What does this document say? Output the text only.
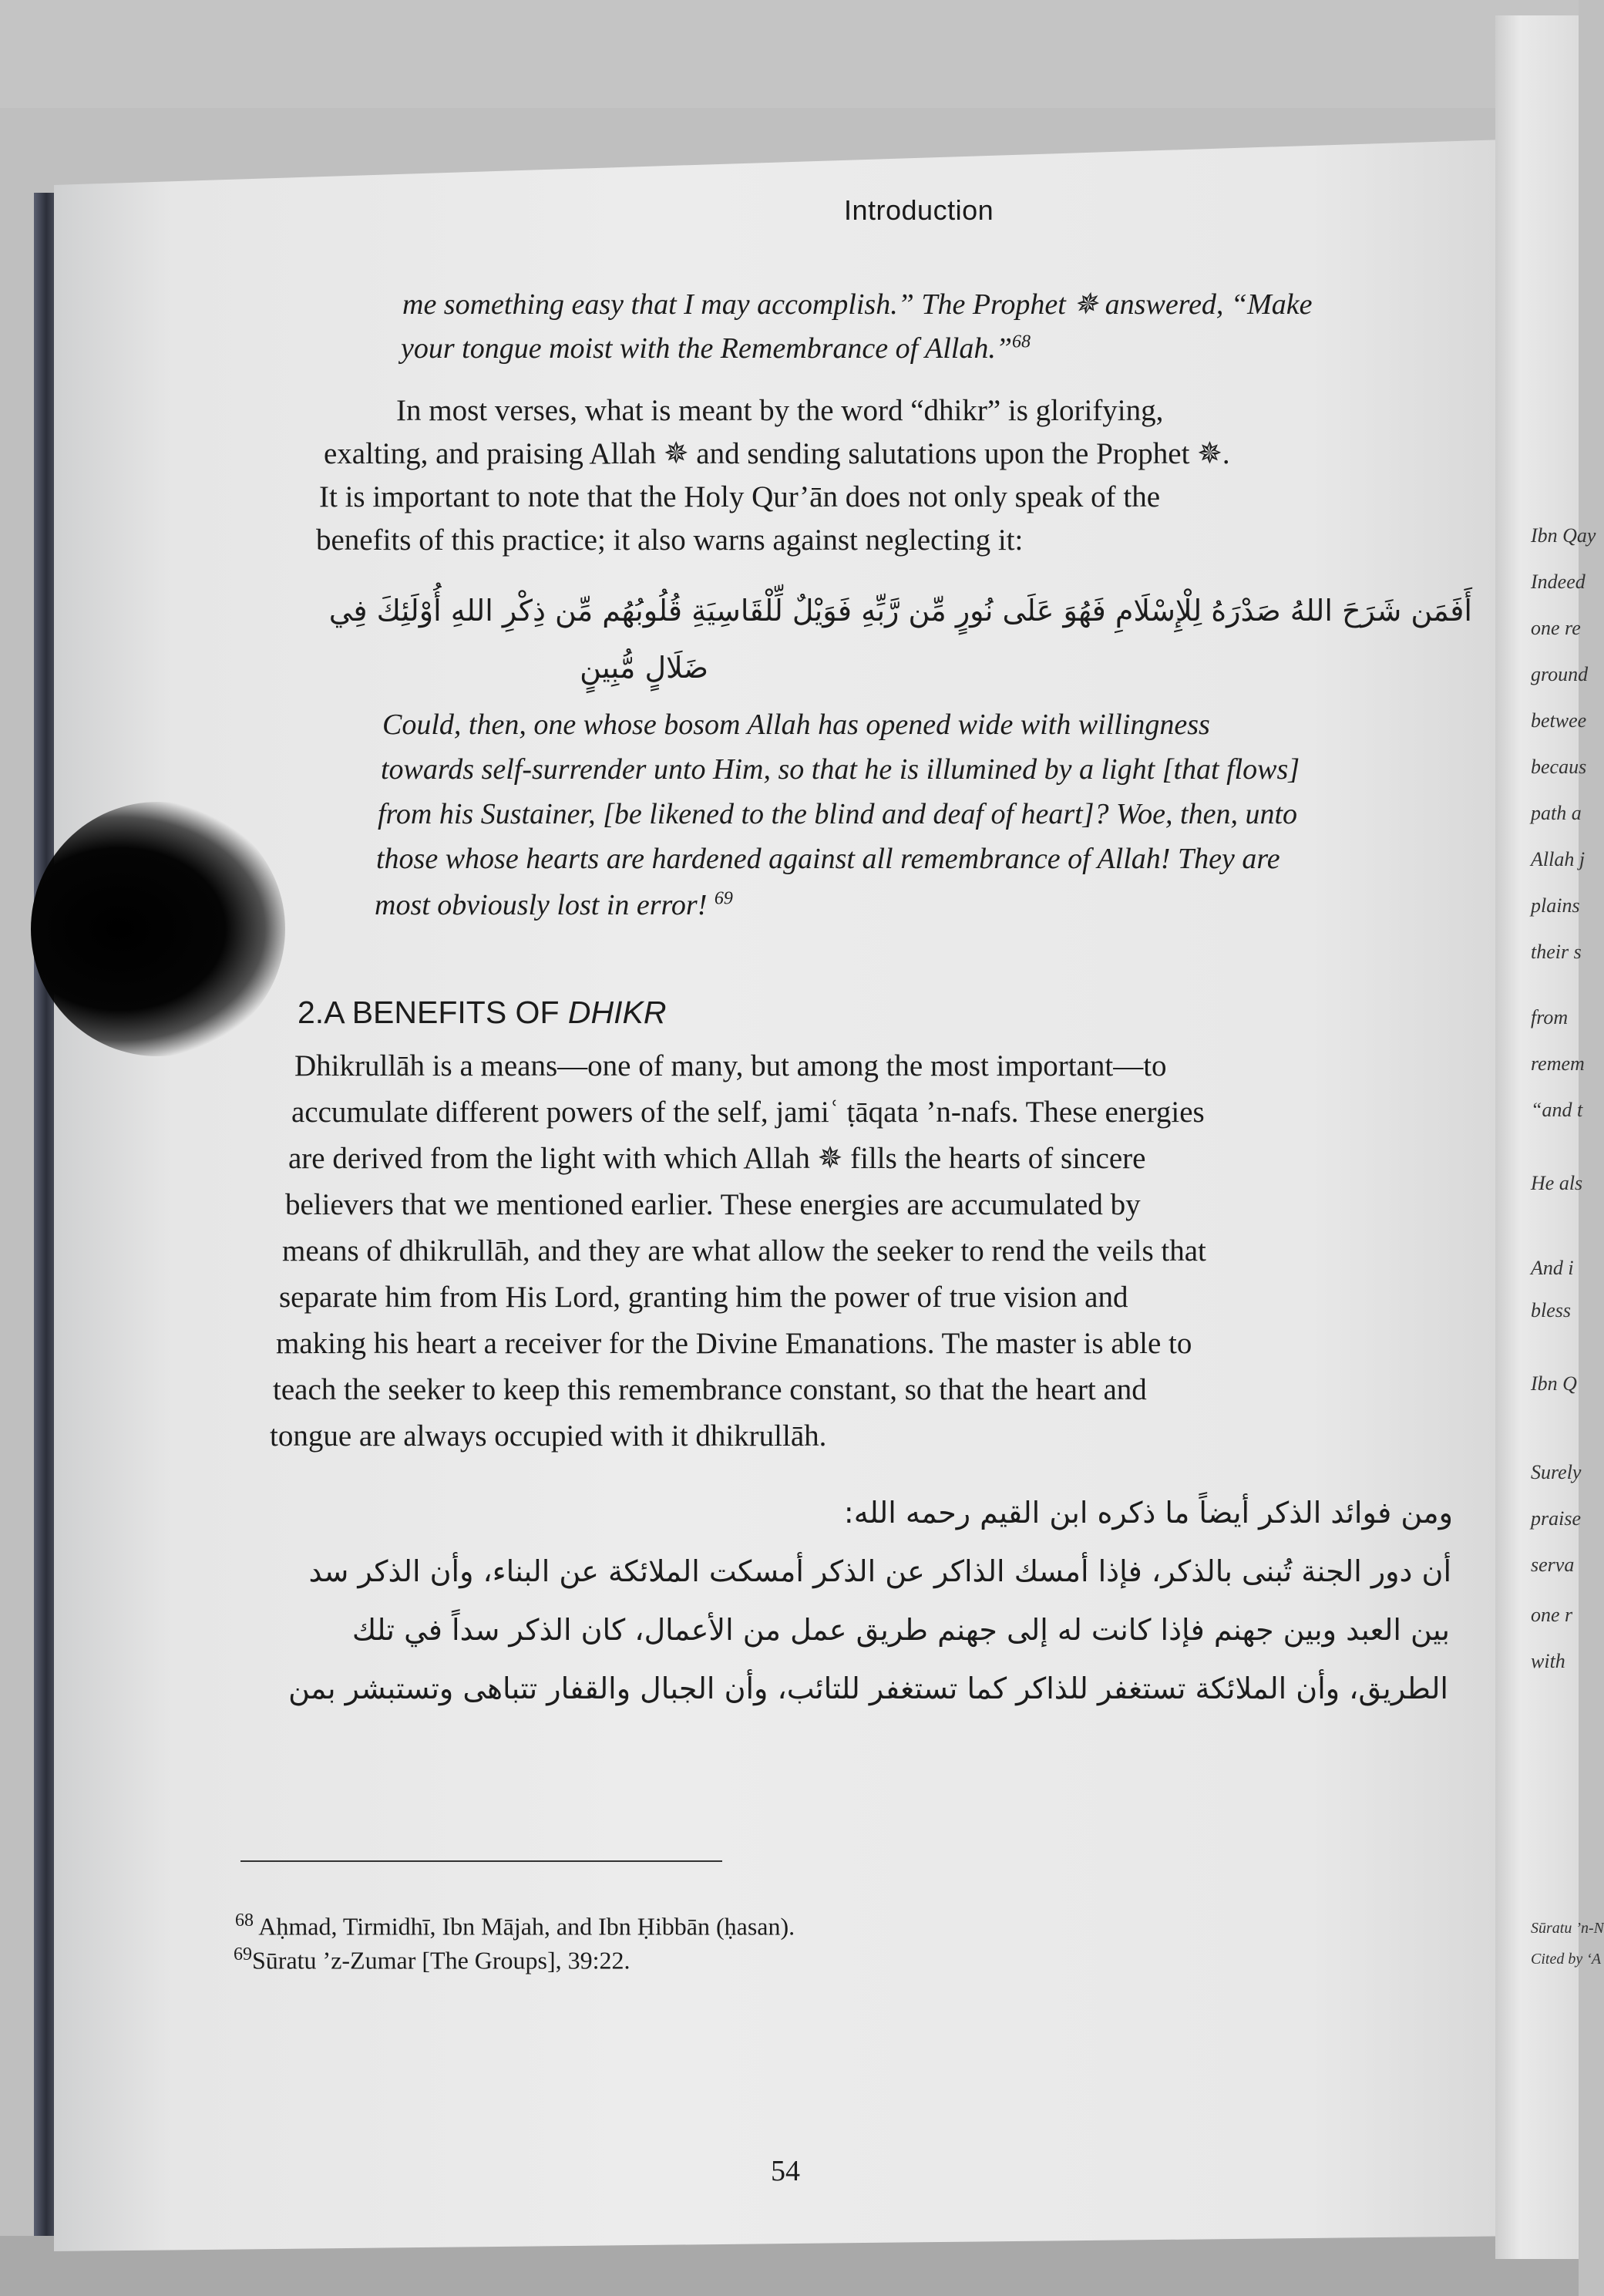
Ibn Qay
Indeed
one re
ground
betwee
becaus
path a
Allah j
plains
their s
from
remem
“and t
He als
And i
bless
Ibn Q
Surely
praise
serva
one r
with
Sūratu ’n-N
Cited by ‘A
Introduction
me something easy that I may accomplish.” The Prophet ✵ answered, “Make
your tongue moist with the Remembrance of Allah.”$^{68}$
In most verses, what is meant by the word “dhikr” is glorifying,
exalting, and praising Allah ✵ and sending salutations upon the Prophet ✵.
It is important to note that the Holy Qur’ān does not only speak of the
benefits of this practice; it also warns against neglecting it:
أَفَمَن شَرَحَ اللهُ صَدْرَهُ لِلْإِسْلَامِ فَهُوَ عَلَى نُورٍ مِّن رَّبِّهِ فَوَيْلٌ لِّلْقَاسِيَةِ قُلُوبُهُم مِّن ذِكْرِ اللهِ أُوْلَئِكَ فِي
ضَلَالٍ مُّبِينٍ
Could, then, one whose bosom Allah has opened wide with willingness
towards self-surrender unto Him, so that he is illumined by a light [that flows]
from his Sustainer, [be likened to the blind and deaf of heart]? Woe, then, unto
those whose hearts are hardened against all remembrance of Allah! They are
most obviously lost in error! $^{69}$
2.A BENEFITS OF DHIKR
Dhikrullāh is a means—one of many, but among the most important—to
accumulate different powers of the self, jamiʿ ṭāqata ’n-nafs. These energies
are derived from the light with which Allah ✵ fills the hearts of sincere
believers that we mentioned earlier. These energies are accumulated by
means of dhikrullāh, and they are what allow the seeker to rend the veils that
separate him from His Lord, granting him the power of true vision and
making his heart a receiver for the Divine Emanations. The master is able to
teach the seeker to keep this remembrance constant, so that the heart and
tongue are always occupied with it dhikrullāh.
ومن فوائد الذكر أيضاً ما ذكره ابن القيم رحمه الله:
أن دور الجنة تُبنى بالذكر، فإذا أمسك الذاكر عن الذكر أمسكت الملائكة عن البناء، وأن الذكر سد
بين العبد وبين جهنم فإذا كانت له إلى جهنم طريق عمل من الأعمال، كان الذكر سداً في تلك
الطريق، وأن الملائكة تستغفر للذاكر كما تستغفر للتائب، وأن الجبال والقفار تتباهى وتستبشر بمن
$^{68}$ Aḥmad, Tirmidhī, Ibn Mājah, and Ibn Ḥibbān (ḥasan).
$^{69}$Sūratu ’z-Zumar [The Groups], 39:22.
54
